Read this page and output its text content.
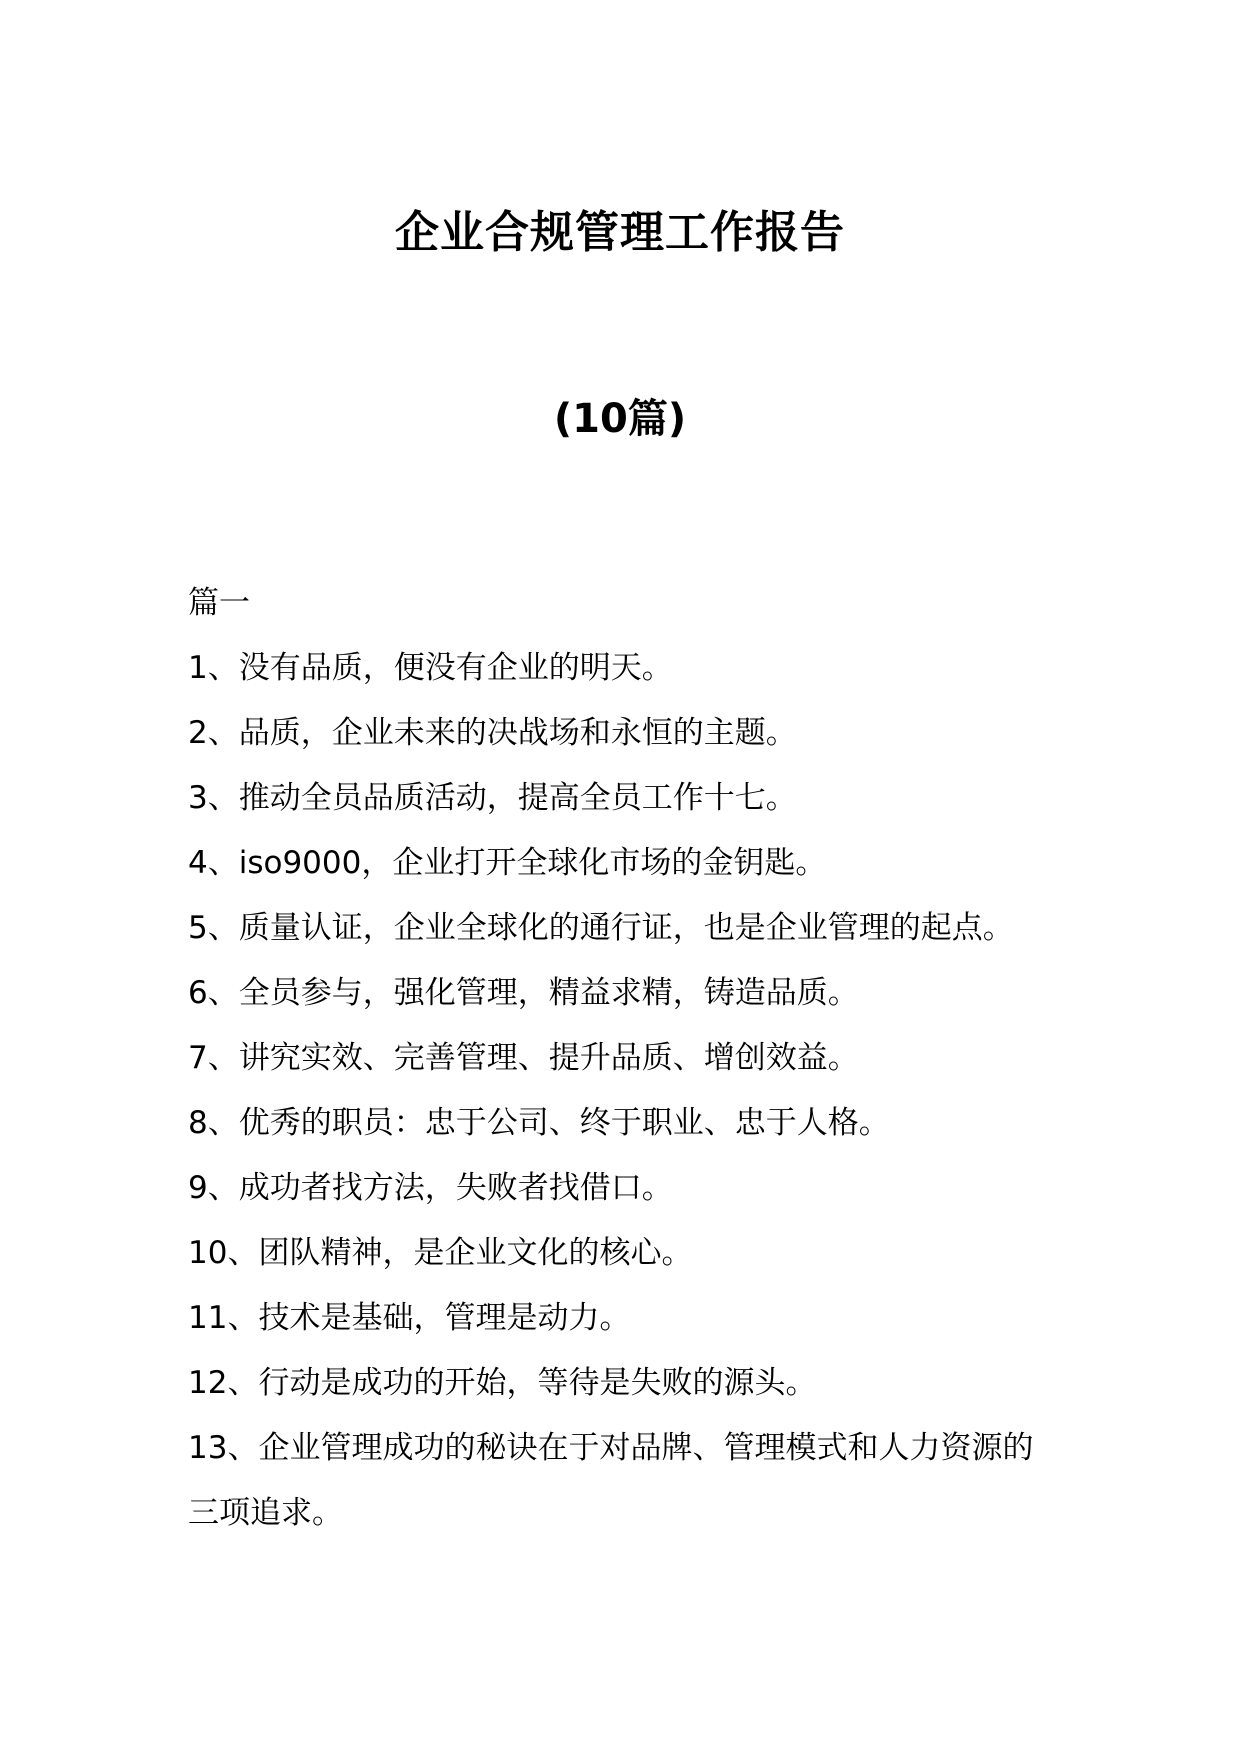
企业合规管理工作报告
(10篇)

篇一

1、没有品质，便没有企业的明天。
2、品质，企业未来的决战场和永恒的主题。
3、推动全员品质活动，提高全员工作十七。
4、iso9000，企业打开全球化市场的金钥匙。
5、质量认证，企业全球化的通行证，也是企业管理的起点。
6、全员参与，强化管理，精益求精，铸造品质。
7、讲究实效、完善管理、提升品质、增创效益。
8、优秀的职员：忠于公司、终于职业、忠于人格。
9、成功者找方法，失败者找借口。
10、团队精神，是企业文化的核心。
11、技术是基础，管理是动力。
12、行动是成功的开始，等待是失败的源头。
13、企业管理成功的秘诀在于对品牌、管理模式和人力资源的三项追求。
